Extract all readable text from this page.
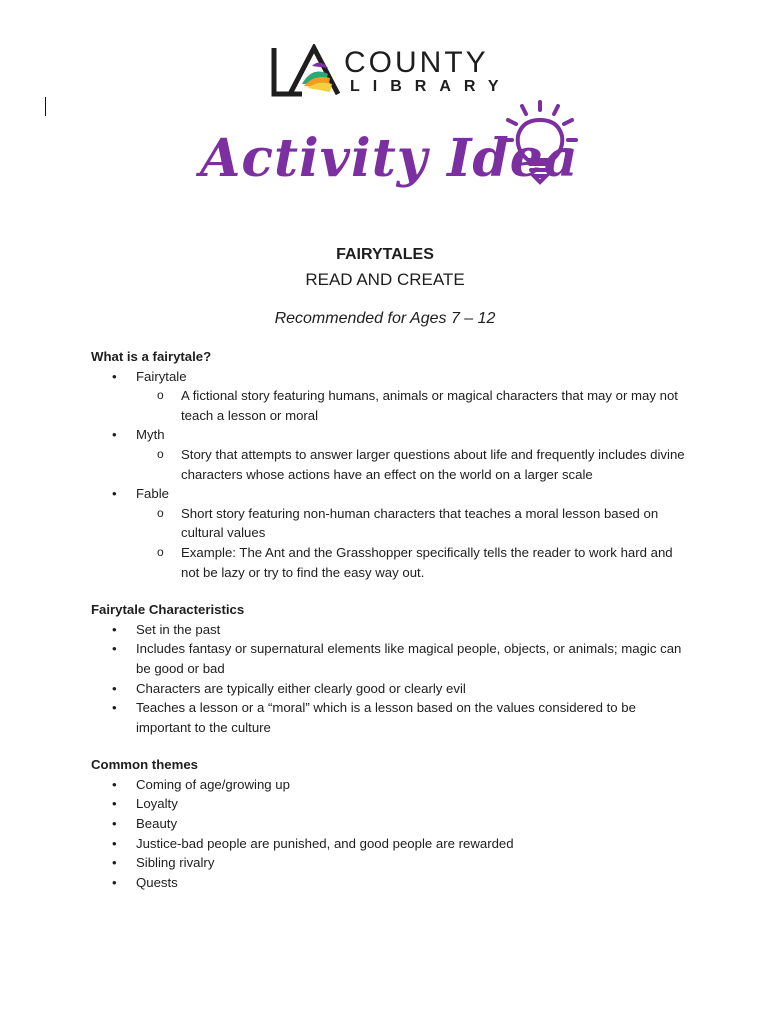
COUNTY
LIBRARY
Activity Idea
FAIRYTALES
READ AND CREATE
Recommended for Ages 7 – 12

What is a fairytale?

• Fairytale
o A fictional story featuring humans, animals or magical characters that may or may not teach a lesson or moral
• Myth
o Story that attempts to answer larger questions about life and frequently includes divine characters whose actions have an effect on the world on a larger scale
• Fable
o Short story featuring non-human characters that teaches a moral lesson based on cultural values
o Example: The Ant and the Grasshopper specifically tells the reader to work hard and not be lazy or try to find the easy way out.

Fairytale Characteristics

• Set in the past
• Includes fantasy or supernatural elements like magical people, objects, or animals; magic can be good or bad
• Characters are typically either clearly good or clearly evil
• Teaches a lesson or a “moral” which is a lesson based on the values considered to be important to the culture

Common themes

• Coming of age/growing up
• Loyalty
• Beauty
• Justice-bad people are punished, and good people are rewarded
• Sibling rivalry
• Quests
